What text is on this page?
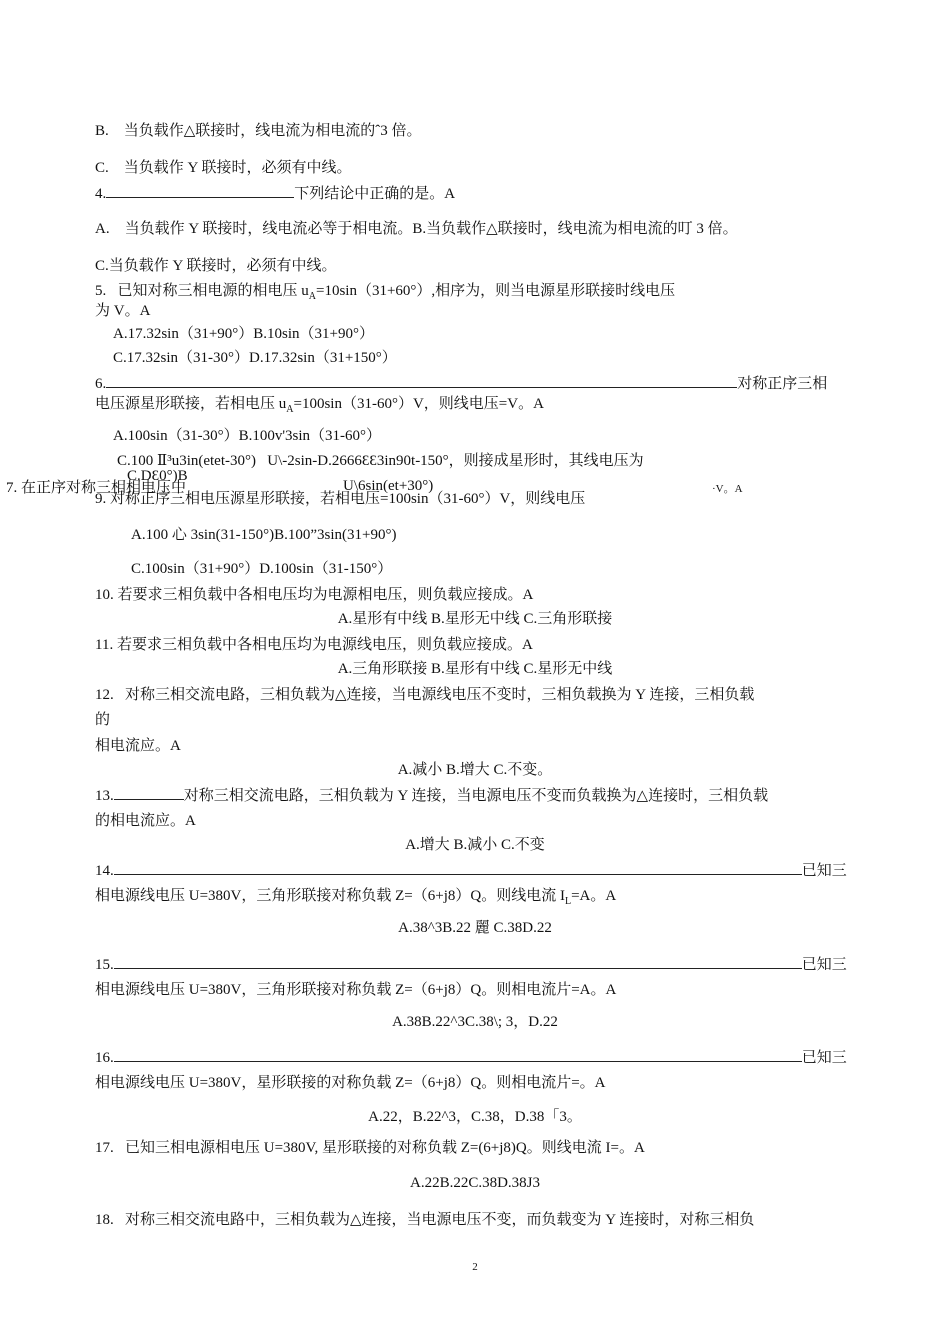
B.    当负载作△联接时，线电流为相电流的ˆ3 倍。
C.    当负载作 Y 联接时，必须有中线。
4.	下列结论中正确的是。A
A.    当负载作 Y 联接时，线电流必等于相电流。B.当负载作△联接时，线电流为相电流的叮 3 倍。
C.当负载作 Y 联接时，必须有中线。
5.   已知对称三相电源的相电压 $u_A=10\sin(31+60^\circ)$,相序为，则当电源星形联接时线电压
为 V。A
A.17.32sin（31+90°）B.10sin（31+90°）
C.17.32sin（31-30°）D.17.32sin（31+150°）
6.	对称正序三相
电压源星形联接，若相电压 $u_A=100\sin(31-60^\circ)V$，则线电压=V。A
A.100sin（31-30°）B.100v'3sin（31-60°）
C.100 Ⅱ³u3in(etet-30°)   U\-2sin-D.2666ƐƐ3in90t-150°，则接成星形时，其线电压为
C.DƐ0°)B
7. 在正序对称三相相电压中	U\6sin(et+30°)	·V。A
9. 对称正序三相电压源星形联接，若相电压=100sin（31-60°）V，则线电压
A.100 心 3sin(31-150°)B.100”3sin(31+90°)
C.100sin（31+90°）D.100sin（31-150°）
10. 若要求三相负载中各相电压均为电源相电压，则负载应接成。A
A.星形有中线 B.星形无中线 C.三角形联接
11. 若要求三相负载中各相电压均为电源线电压，则负载应接成。A
A.三角形联接 B.星形有中线 C.星形无中线
12.   对称三相交流电路，三相负载为△连接，当电源线电压不变时，三相负载换为 Y 连接，三相负载
的
相电流应。A
A.减小 B.增大 C.不变。
13.	对称三相交流电路，三相负载为 Y 连接，当电源电压不变而负载换为△连接时，三相负载
的相电流应。A
A.增大 B.减小 C.不变
14.	已知三
相电源线电压 U=380V，三角形联接对称负载 Z=（6+j8）Q。则线电流 $I_L=A$。A
A.38^3B.22 麗 C.38D.22
15.	已知三
相电源线电压 U=380V，三角形联接对称负载 Z=（6+j8）Q。则相电流片=A。A
A.38B.22^3C.38\; 3，D.22
16.	已知三
相电源线电压 U=380V，星形联接的对称负载 Z=（6+j8）Q。则相电流片=。A
A.22，B.22^3，C.38，D.38「3。
17.   已知三相电源相电压 U=380V, 星形联接的对称负载 Z=(6+j8)Q。则线电流 I=。A
A.22B.22C.38D.38J3
18.   对称三相交流电路中，三相负载为△连接，当电源电压不变，而负载变为 Y 连接时，对称三相负
2
